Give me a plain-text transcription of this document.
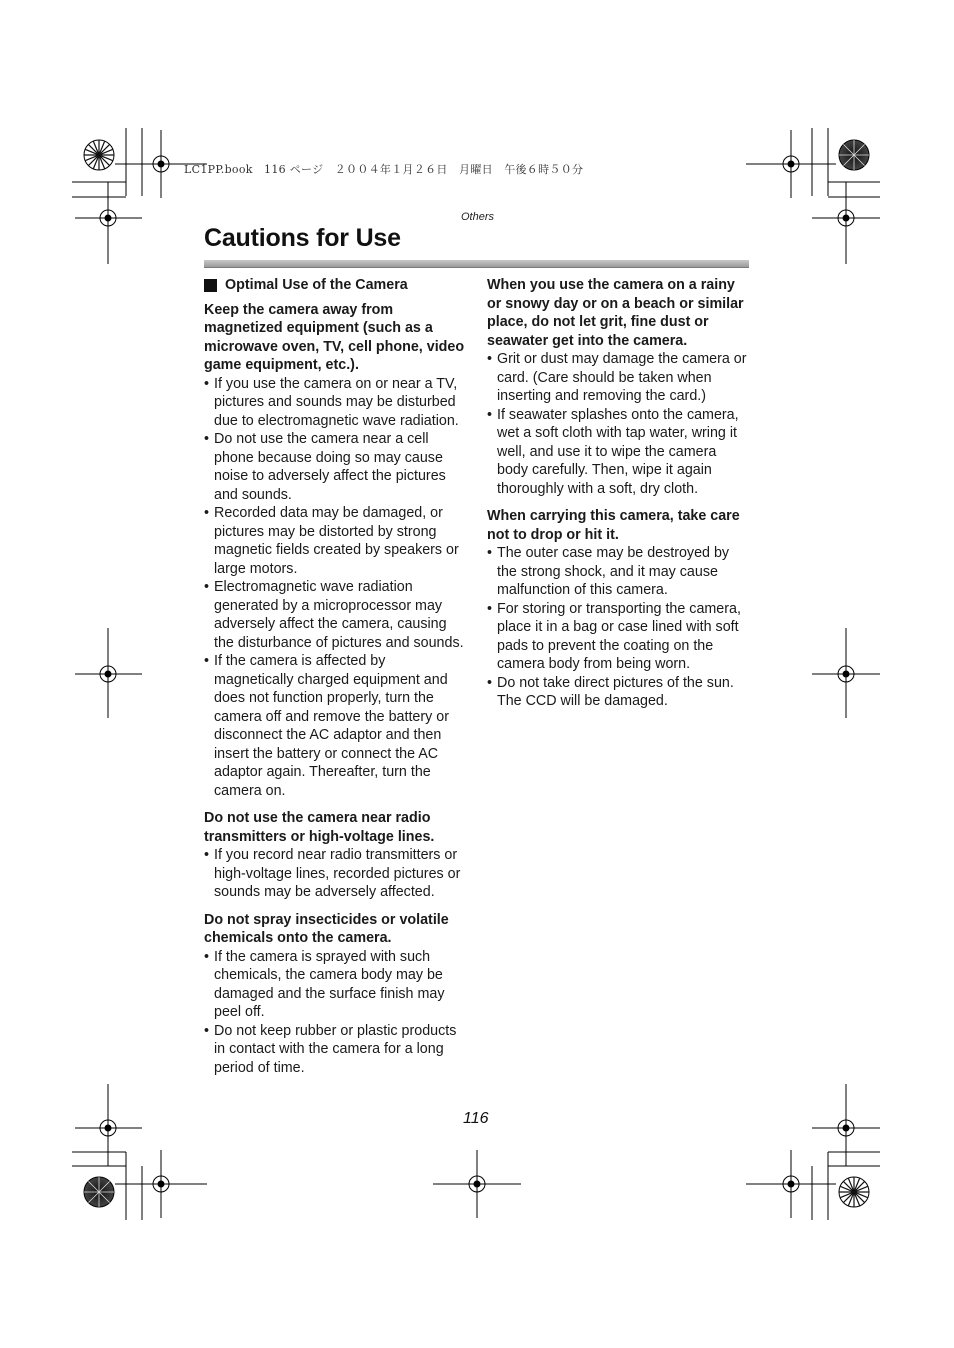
LC1PP.book　116 ページ　２００４年１月２６日　月曜日　午後６時５０分
Others
Cautions for Use
Optimal Use of the Camera

Keep the camera away from magnetized equipment (such as a microwave oven, TV, cell phone, video game equipment, etc.).

• If you use the camera on or near a TV, pictures and sounds may be disturbed due to electromagnetic wave radiation.
• Do not use the camera near a cell phone because doing so may cause noise to adversely affect the pictures and sounds.
• Recorded data may be damaged, or pictures may be distorted by strong magnetic fields created by speakers or large motors.
• Electromagnetic wave radiation generated by a microprocessor may adversely affect the camera, causing the disturbance of pictures and sounds.
• If the camera is affected by magnetically charged equipment and does not function properly, turn the camera off and remove the battery or disconnect the AC adaptor and then insert the battery or connect the AC adaptor again. Thereafter, turn the camera on.

Do not use the camera near radio transmitters or high-voltage lines.

• If you record near radio transmitters or high-voltage lines, recorded pictures or sounds may be adversely affected.

Do not spray insecticides or volatile chemicals onto the camera.

• If the camera is sprayed with such chemicals, the camera body may be damaged and the surface finish may peel off.
• Do not keep rubber or plastic products in contact with the camera for a long period of time.

When you use the camera on a rainy or snowy day or on a beach or similar place, do not let grit, fine dust or seawater get into the camera.

• Grit or dust may damage the camera or card. (Care should be taken when inserting and removing the card.)
• If seawater splashes onto the camera, wet a soft cloth with tap water, wring it well, and use it to wipe the camera body carefully. Then, wipe it again thoroughly with a soft, dry cloth.

When carrying this camera, take care not to drop or hit it.

• The outer case may be destroyed by the strong shock, and it may cause malfunction of this camera.
• For storing or transporting the camera, place it in a bag or case lined with soft pads to prevent the coating on the camera body from being worn.
• Do not take direct pictures of the sun. The CCD will be damaged.
116
